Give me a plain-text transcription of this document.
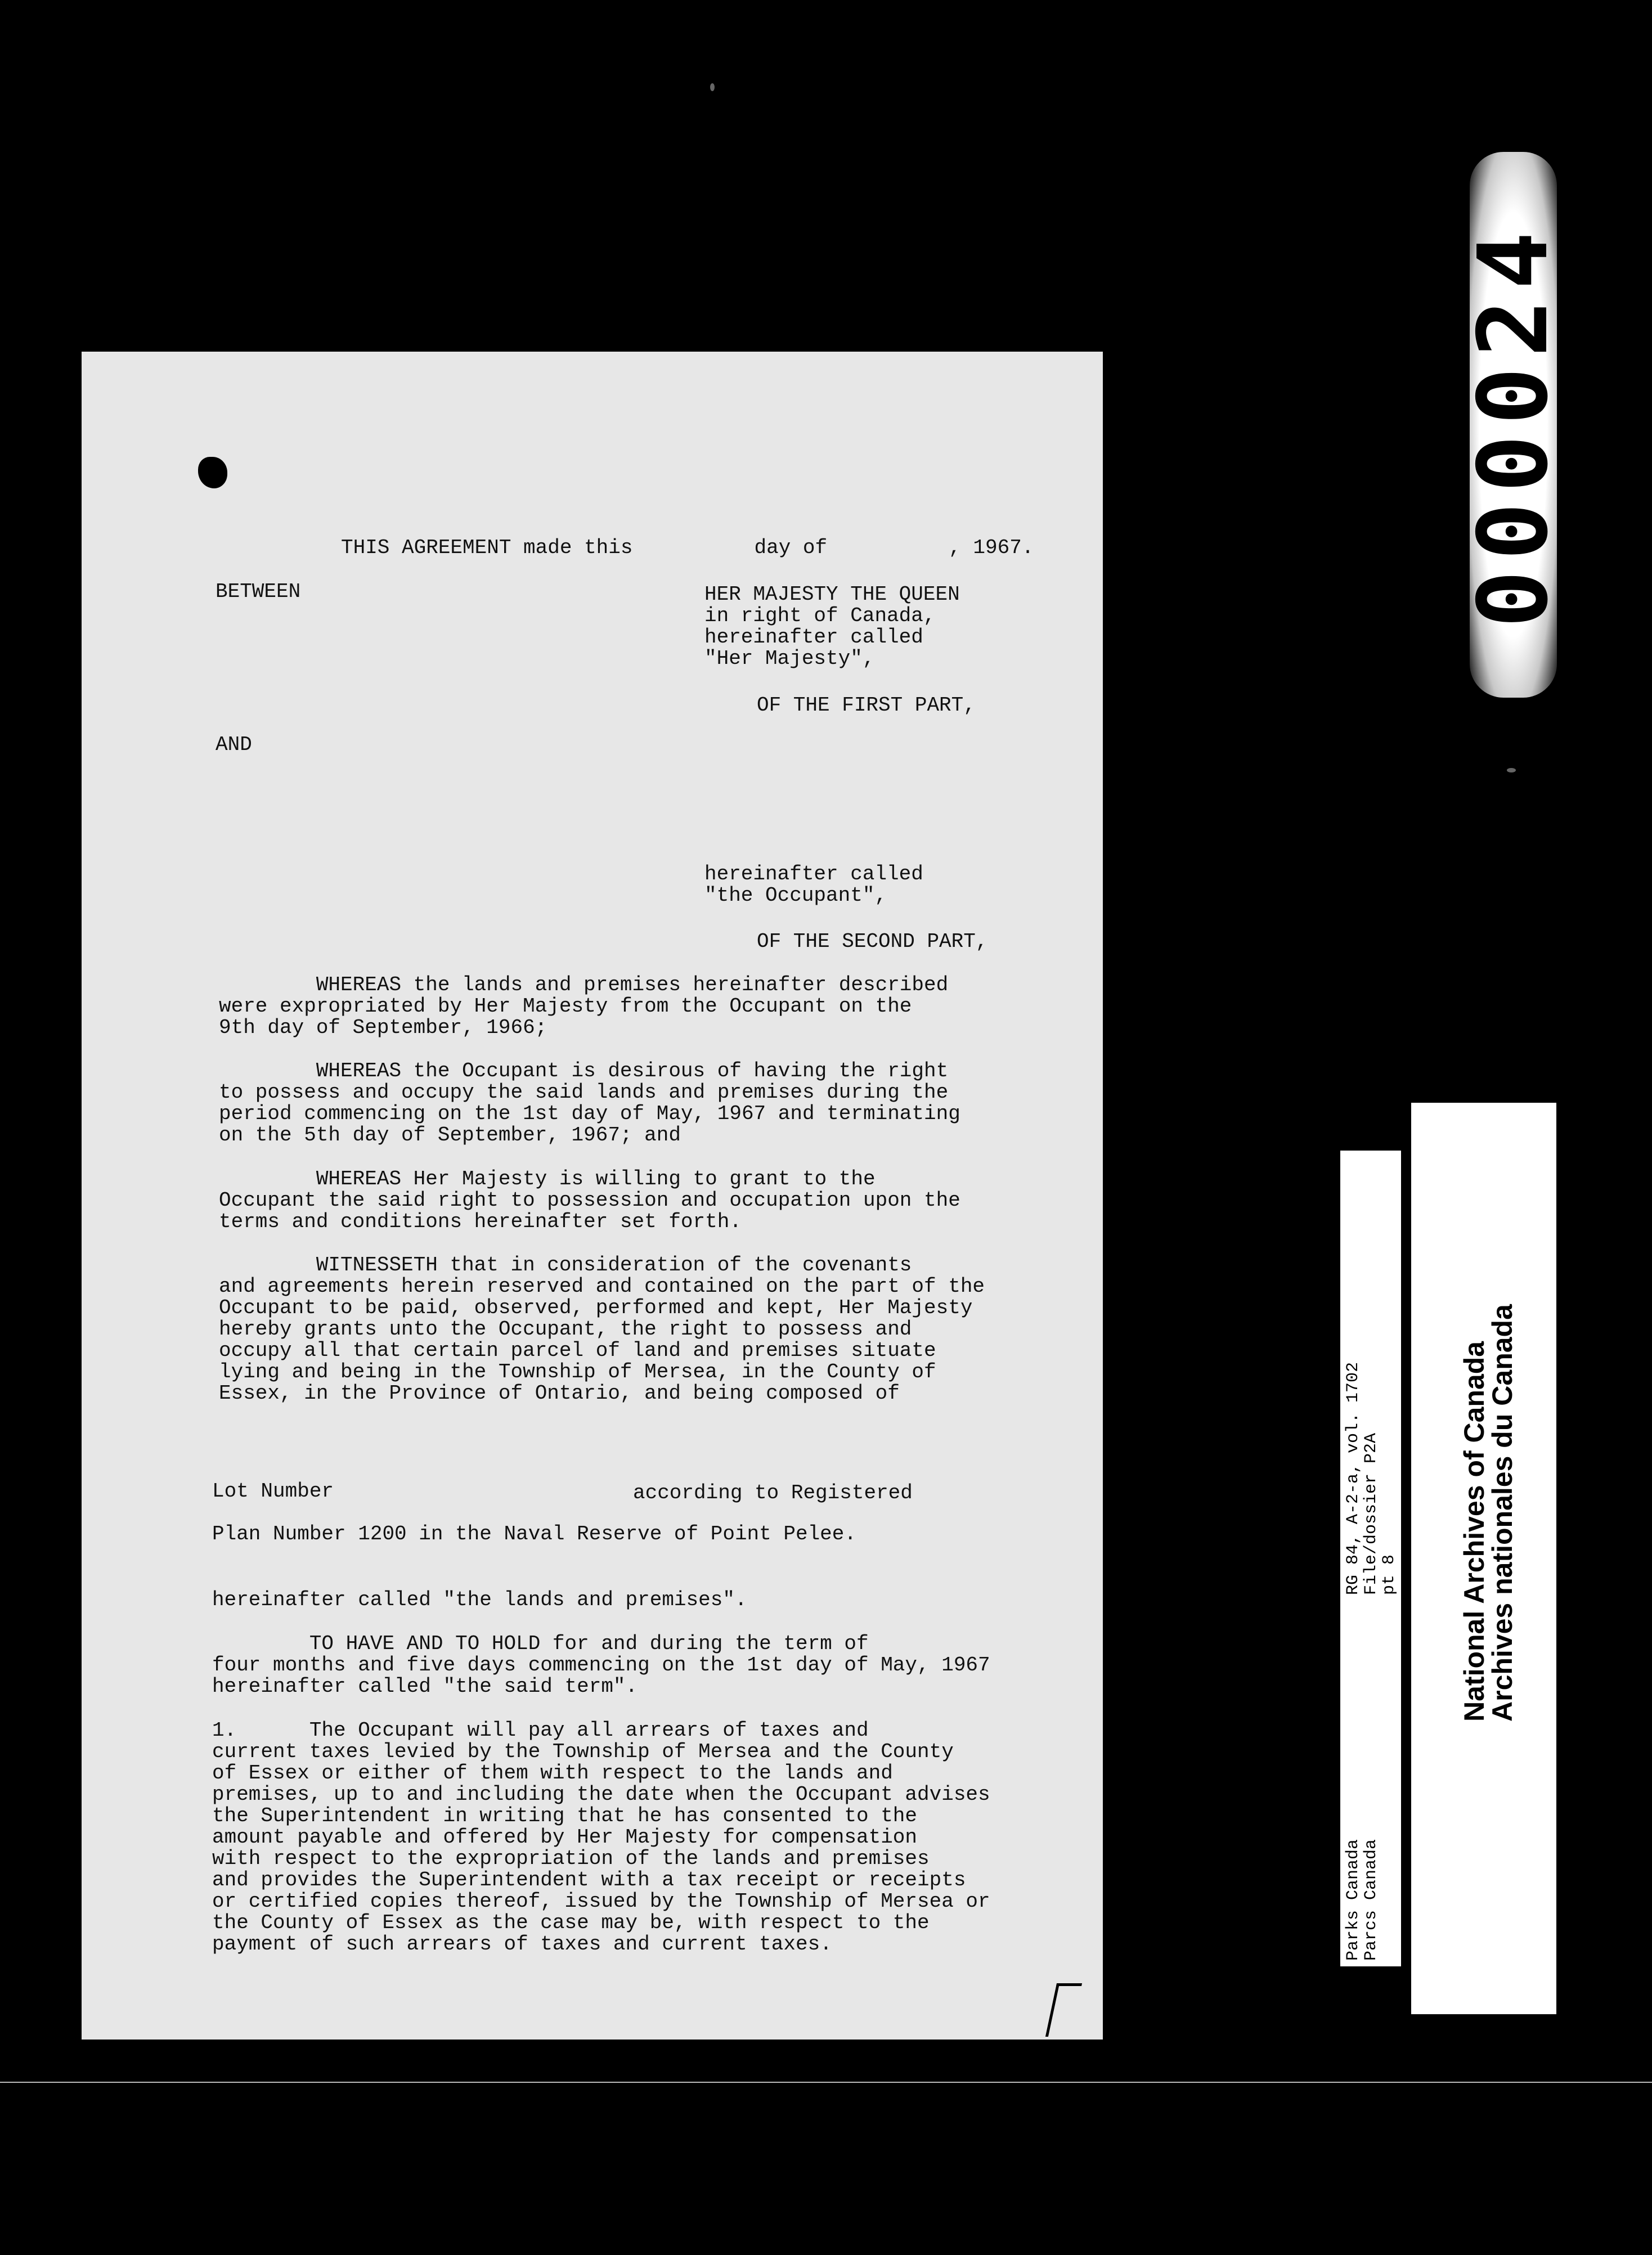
THIS AGREEMENT made this          day of          , 1967.
BETWEEN	HER MAJESTY THE QUEEN
in right of Canada,
hereinafter called
"Her Majesty",
OF THE FIRST PART,
AND
hereinafter called
"the Occupant",
OF THE SECOND PART,
WHEREAS the lands and premises hereinafter described
were expropriated by Her Majesty from the Occupant on the
9th day of September, 1966;
WHEREAS the Occupant is desirous of having the right
to possess and occupy the said lands and premises during the
period commencing on the 1st day of May, 1967 and terminating
on the 5th day of September, 1967; and
WHEREAS Her Majesty is willing to grant to the
Occupant the said right to possession and occupation upon the
terms and conditions hereinafter set forth.
WITNESSETH that in consideration of the covenants
and agreements herein reserved and contained on the part of the
Occupant to be paid, observed, performed and kept, Her Majesty
hereby grants unto the Occupant, the right to possess and
occupy all that certain parcel of land and premises situate
lying and being in the Township of Mersea, in the County of
Essex, in the Province of Ontario, and being composed of
Lot Number	according to Registered
Plan Number 1200 in the Naval Reserve of Point Pelee.
hereinafter called "the lands and premises".
TO HAVE AND TO HOLD for and during the term of
four months and five days commencing on the 1st day of May, 1967
hereinafter called "the said term".
1.      The Occupant will pay all arrears of taxes and
current taxes levied by the Township of Mersea and the County
of Essex or either of them with respect to the lands and
premises, up to and including the date when the Occupant advises
the Superintendent in writing that he has consented to the
amount payable and offered by Her Majesty for compensation
with respect to the expropriation of the lands and premises
and provides the Superintendent with a tax receipt or receipts
or certified copies thereof, issued by the Township of Mersea or
the County of Essex as the case may be, with respect to the
payment of such arrears of taxes and current taxes.
000024
RG 84, A-2-a, vol. 1702
File/dossier P2A
pt 8
Parks Canada
Parcs Canada
National Archives of Canada
Archives nationales du Canada
